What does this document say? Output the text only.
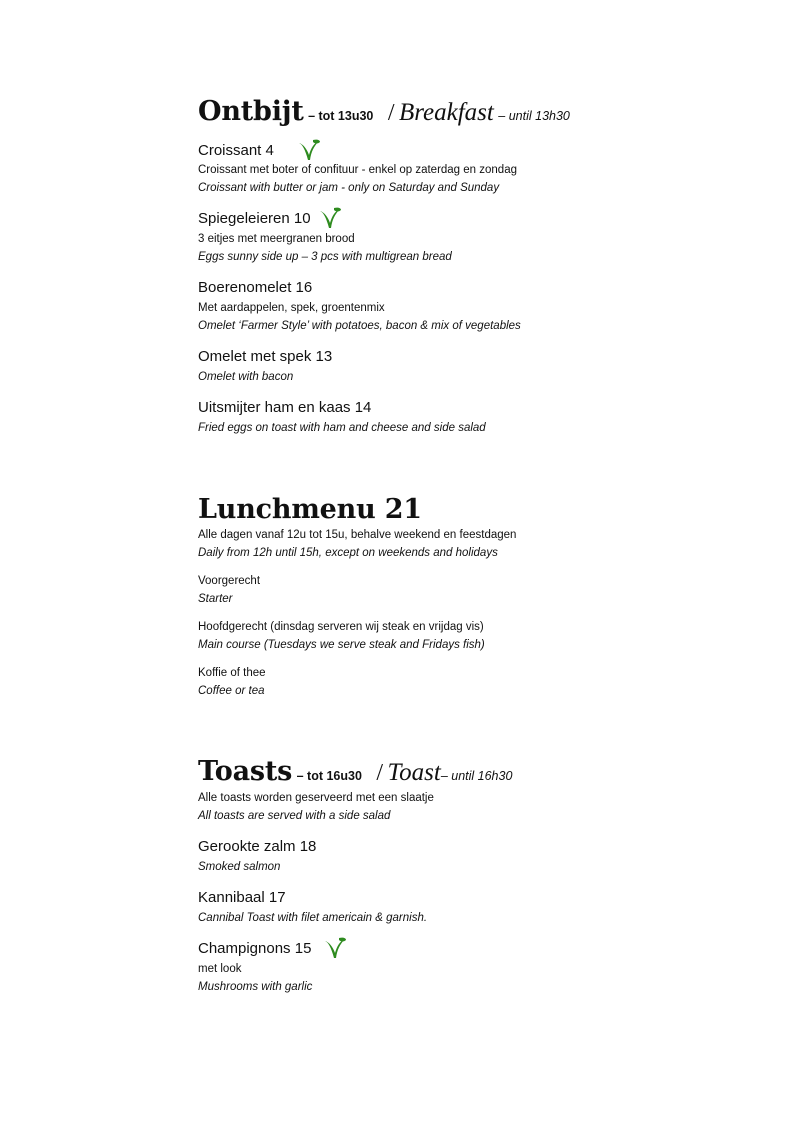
Ontbijt – tot 13u30 / Breakfast – until 13h30
Croissant 4
Croissant met boter of confituur - enkel op zaterdag en zondag
Croissant with butter or jam - only on Saturday and Sunday
Spiegeleieren 10
3 eitjes met meergranen brood
Eggs sunny side up – 3 pcs with multigrean bread
Boerenomelet 16
Met aardappelen, spek, groentenmix
Omelet ‘Farmer Style’ with potatoes, bacon & mix of vegetables
Omelet met spek 13
Omelet with bacon
Uitsmijter ham en kaas 14
Fried eggs on toast with ham and cheese and side salad
Lunchmenu 21
Alle dagen vanaf 12u tot 15u, behalve weekend en feestdagen
Daily from 12h until 15h, except on weekends and holidays
Voorgerecht
Starter
Hoofdgerecht (dinsdag serveren wij steak en vrijdag vis)
Main course (Tuesdays we serve steak and Fridays fish)
Koffie of thee
Coffee or tea
Toasts – tot 16u30 / Toast– until 16h30
Alle toasts worden geserveerd met een slaatje
All toasts are served with a side salad
Gerookte zalm 18
Smoked salmon
Kannibaal 17
Cannibal Toast with filet americain & garnish.
Champignons 15
met look
Mushrooms with garlic
